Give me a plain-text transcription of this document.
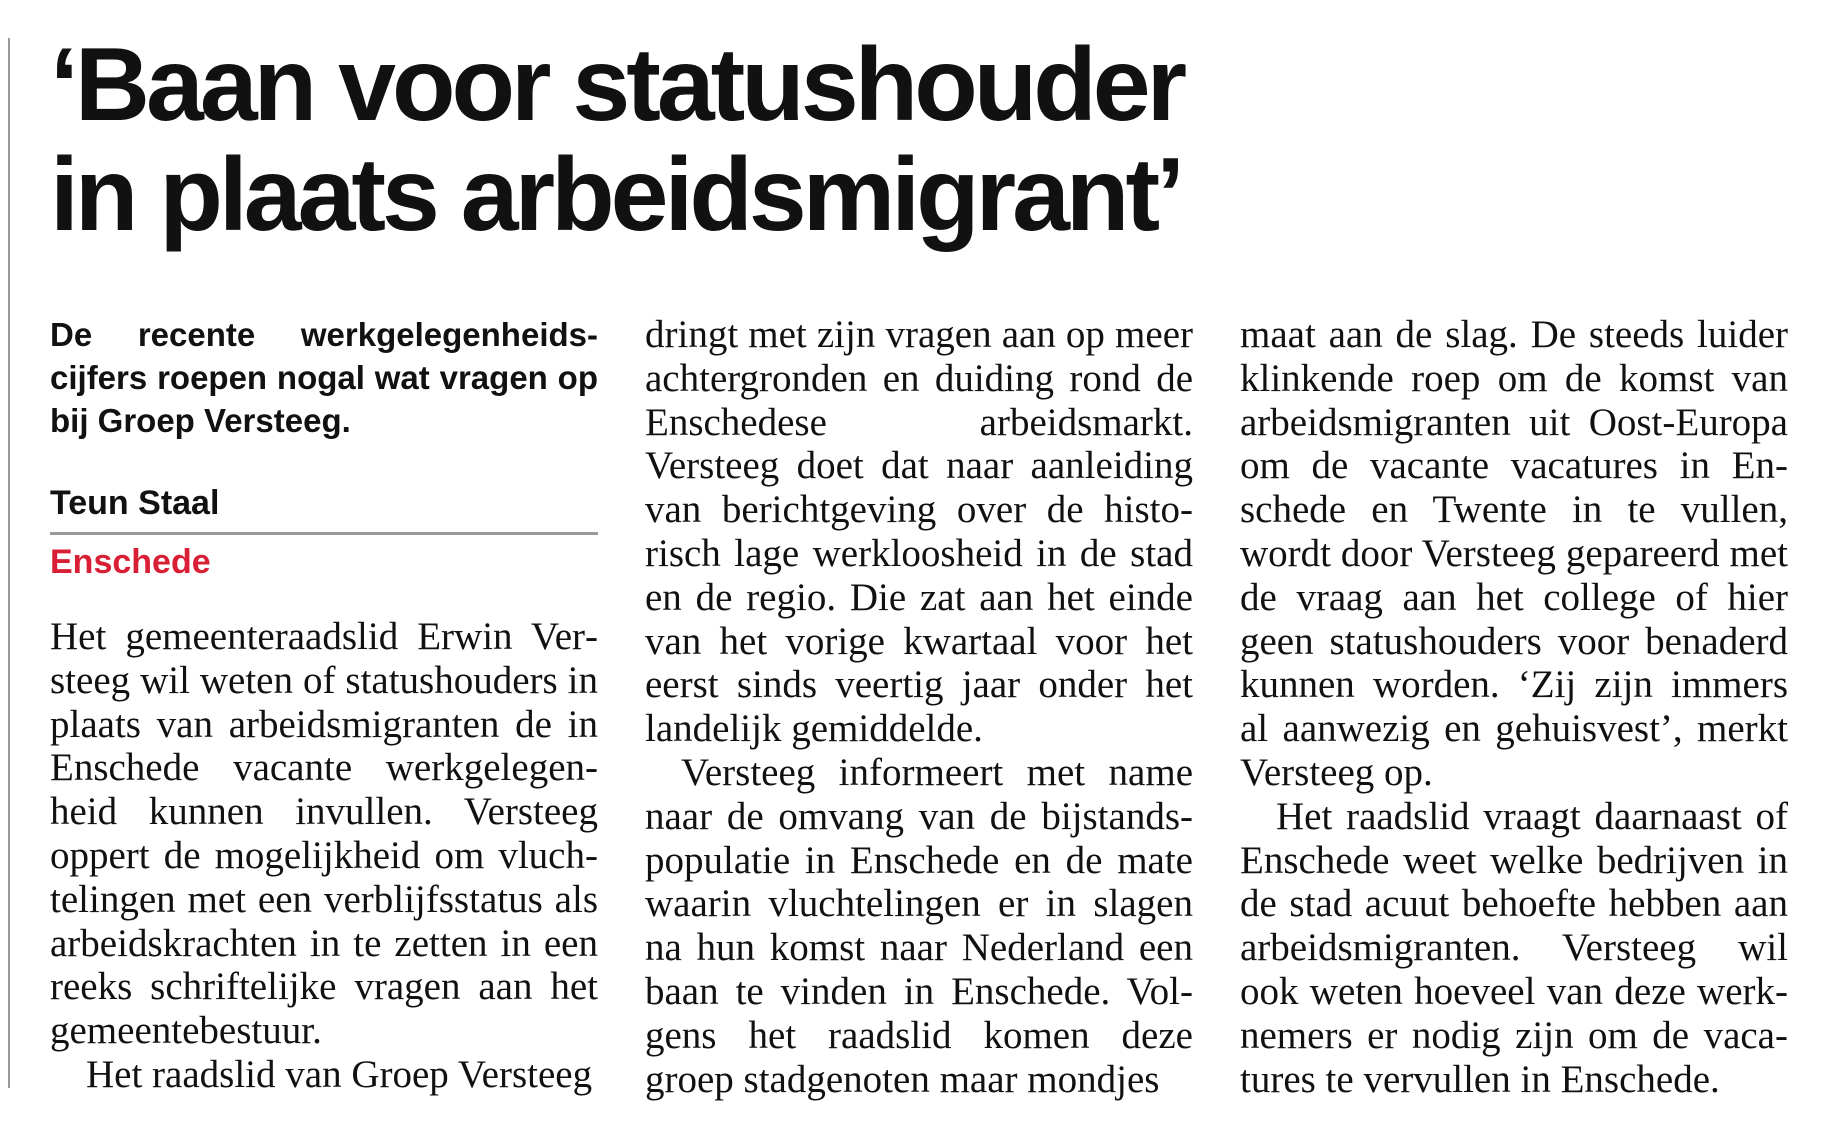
‘Baan voor statushouder
in plaats arbeidsmigrant’

De recente werkgelegenheidscijfers roepen nogal wat vragen op bij Groep Versteeg.

Teun Staal
Enschede

Het gemeenteraadslid Erwin Versteeg wil weten of statushouders in plaats van arbeidsmigranten de in Enschede vacante werkgelegenheid kunnen invullen. Versteeg oppert de mogelijkheid om vluchtelingen met een verblijfsstatus als arbeidskrachten in te zetten in een reeks schriftelijke vragen aan het gemeentebestuur.

Het raadslid van Groep Versteeg

dringt met zijn vragen aan op meer achtergronden en duiding rond de Enschedese arbeidsmarkt. Versteeg doet dat naar aanleiding van berichtgeving over de historisch lage werkloosheid in de stad en de regio. Die zat aan het einde van het vorige kwartaal voor het eerst sinds veertig jaar onder het landelijk gemiddelde.

Versteeg informeert met name naar de omvang van de bijstandspopulatie in Enschede en de mate waarin vluchtelingen er in slagen na hun komst naar Nederland een baan te vinden in Enschede. Volgens het raadslid komen deze groep stadgenoten maar mondjes

maat aan de slag. De steeds luider klinkende roep om de komst van arbeidsmigranten uit Oost-Europa om de vacante vacatures in Enschede en Twente in te vullen, wordt door Versteeg gepareerd met de vraag aan het college of hier geen statushouders voor benaderd kunnen worden. ‘Zij zijn immers al aanwezig en gehuisvest’, merkt Versteeg op.

Het raadslid vraagt daarnaast of Enschede weet welke bedrijven in de stad acuut behoefte hebben aan arbeidsmigranten. Versteeg wil ook weten hoeveel van deze werknemers er nodig zijn om de vacatures te vervullen in Enschede.
